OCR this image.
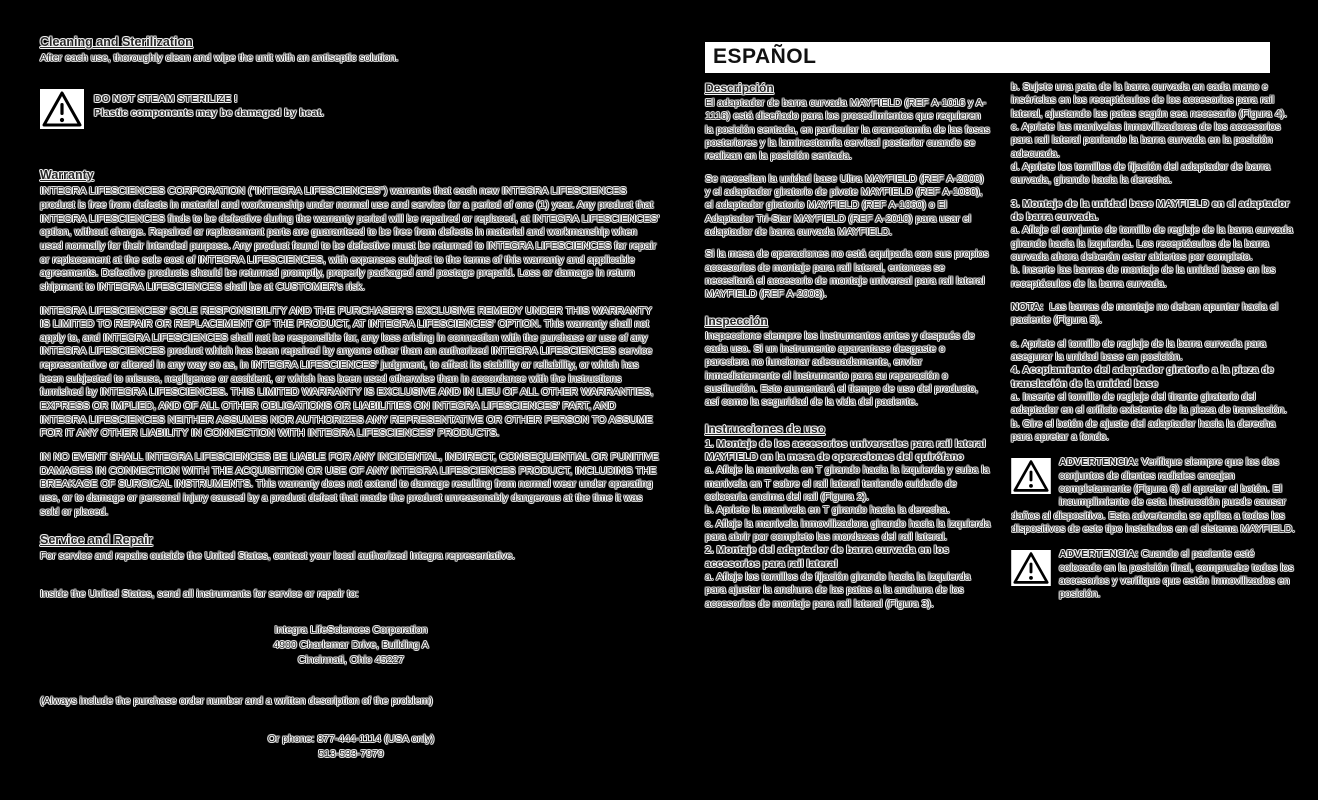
Cleaning and Sterilization

After each use, thoroughly clean and wipe the unit with an antiseptic solution.

DO NOT STEAM STERILIZE !
Plastic components may be damaged by heat.
Warranty

INTEGRA LIFESCIENCES CORPORATION ("INTEGRA LIFESCIENCES") warrants that each new INTEGRA LIFESCIENCES product is free from defects in material and workmanship under normal use and service for a period of one (1) year. Any product that INTEGRA LIFESCIENCES finds to be defective during the warranty period will be repaired or replaced, at INTEGRA LIFESCIENCES' option, without charge. Repaired or replacement parts are guaranteed to be free from defects in material and workmanship when used normally for their intended purpose. Any product found to be defective must be returned to INTEGRA LIFESCIENCES for repair or replacement at the sole cost of INTEGRA LIFESCIENCES, with expenses subject to the terms of this warranty and applicable agreements. Defective products should be returned promptly, properly packaged and postage prepaid. Loss or damage in return shipment to INTEGRA LIFESCIENCES shall be at CUSTOMER's risk.

INTEGRA LIFESCIENCES' SOLE RESPONSIBILITY AND THE PURCHASER'S EXCLUSIVE REMEDY UNDER THIS WARRANTY IS LIMITED TO REPAIR OR REPLACEMENT OF THE PRODUCT, AT INTEGRA LIFESCIENCES' OPTION. This warranty shall not apply to, and INTEGRA LIFESCIENCES shall not be responsible for, any loss arising in connection with the purchase or use of any INTEGRA LIFESCIENCES product which has been repaired by anyone other than an authorized INTEGRA LIFESCIENCES service representative or altered in any way so as, in INTEGRA LIFESCIENCES' judgment, to affect its stability or reliability, or which has been subjected to misuse, negligence or accident, or which has been used otherwise than in accordance with the instructions furnished by INTEGRA LIFESCIENCES. THIS LIMITED WARRANTY IS EXCLUSIVE AND IN LIEU OF ALL OTHER WARRANTIES, EXPRESS OR IMPLIED, AND OF ALL OTHER OBLIGATIONS OR LIABILITIES ON INTEGRA LIFESCIENCES' PART, AND INTEGRA LIFESCIENCES NEITHER ASSUMES NOR AUTHORIZES ANY REPRESENTATIVE OR OTHER PERSON TO ASSUME FOR IT ANY OTHER LIABILITY IN CONNECTION WITH INTEGRA LIFESCIENCES' PRODUCTS.

IN NO EVENT SHALL INTEGRA LIFESCIENCES BE LIABLE FOR ANY INCIDENTAL, INDIRECT, CONSEQUENTIAL OR PUNITIVE DAMAGES IN CONNECTION WITH THE ACQUISITION OR USE OF ANY INTEGRA LIFESCIENCES PRODUCT, INCLUDING THE BREAKAGE OF SURGICAL INSTRUMENTS. This warranty does not extend to damage resulting from normal wear under operating use, or to damage or personal injury caused by a product defect that made the product unreasonably dangerous at the time it was sold or placed.

Service and Repair

For service and repairs outside the United States, contact your local authorized Integra representative.

Inside the United States, send all instruments for service or repair to:

Integra LifeSciences Corporation
4900 Charlemar Drive, Building A
Cincinnati, Ohio 45227

(Always include the purchase order number and a written description of the problem)

Or phone: 877-444-1114 (USA only)
513-533-7979
ESPAÑOL
Descripción

El adaptador de barra curvada MAYFIELD (REF A-1016 y A-1116) está diseñado para los procedimientos que requieren la posición sentada, en particular la craneotomía de las fosas posteriores y la laminectomía cervical posterior cuando se realizan en la posición sentada.

Se necesitan la unidad base Ultra MAYFIELD (REF A-2000) y el adaptador giratorio de pivote MAYFIELD (REF A-1080), el adaptador giratorio MAYFIELD (REF A-1060) o El Adaptador Tri-Star MAYFIELD (REF A-2010) para usar el adaptador de barra curvada MAYFIELD.

Si la mesa de operaciones no está equipada con sus propios accesorios de montaje para rail lateral, entonces se necesitará el accesorio de montaje universal para rail lateral MAYFIELD (REF A-2008).

Inspección

Inspeccione siempre los instrumentos antes y después de cada uso. Si un instrumento aparentase desgaste o pareciera no funcionar adecuadamente, enviar inmediatamente el instrumento para su reparación o sustitución. Esto aumentará el tiempo de uso del producto, así como la seguridad de la vida del paciente.

Instrucciones de uso

1. Montaje de los accesorios universales para rail lateral MAYFIELD en la mesa de operaciones del quirófano

a. Afloje la manivela en T girando hacia la izquierda y suba la manivela en T sobre el rail lateral teniendo cuidado de colocarla encima del rail (Figura 2).

b. Apriete la manivela en T girando hacia la derecha.

c. Afloje la manivela inmovilizadora girando hacia la izquierda para abrir por completo las mordazas del rail lateral.

2. Montaje del adaptador de barra curvada en los accesorios para rail lateral

a. Afloje los tornillos de fijación girando hacia la izquierda para ajustar la anchura de las patas a la anchura de los accesorios de montaje para rail lateral (Figura 3).

b. Sujete una pata de la barra curvada en cada mano e insértelas en los receptáculos de los accesorios para rail lateral, ajustando las patas según sea necesario (Figura 4).

c. Apriete las manivelas inmovilizadoras de los accesorios para rail lateral poniendo la barra curvada en la posición adecuada.

d. Apriete los tornillos de fijación del adaptador de barra curvada, girando hacia la derecha.

3. Montaje de la unidad base MAYFIELD en el adaptador de barra curvada.

a. Afloje el conjunto de tornillo de reglaje de la barra curvada girando hacia la izquierda. Los receptáculos de la barra curvada ahora deberán estar abiertos por completo.

b. Inserte las barras de montaje de la unidad base en los receptáculos de la barra curvada.

NOTA: Las barras de montaje no deben apuntar hacia el paciente (Figura 5).

c. Apriete el tornillo de reglaje de la barra curvada para asegurar la unidad base en posición.

4. Acoplamiento del adaptador giratorio a la pieza de translación de la unidad base

a. Inserte el tornillo de reglaje del tirante giratorio del adaptador en el orificio existente de la pieza de translación.

b. Gire el botón de ajuste del adaptador hacia la derecha para apretar a fondo.

ADVERTENCIA: Verifique siempre que los dos conjuntos de dientes radiales encajen completamente (Figura 6) al apretar el botón. El incumplimiento de esta instrucción puede causar daños al dispositivo. Esta advertencia se aplica a todos los dispositivos de este tipo instalados en el sistema MAYFIELD.
ADVERTENCIA: Cuando el paciente esté colocado en la posición final, compruebe todos los accesorios y verifique que estén inmovilizados en posición.
